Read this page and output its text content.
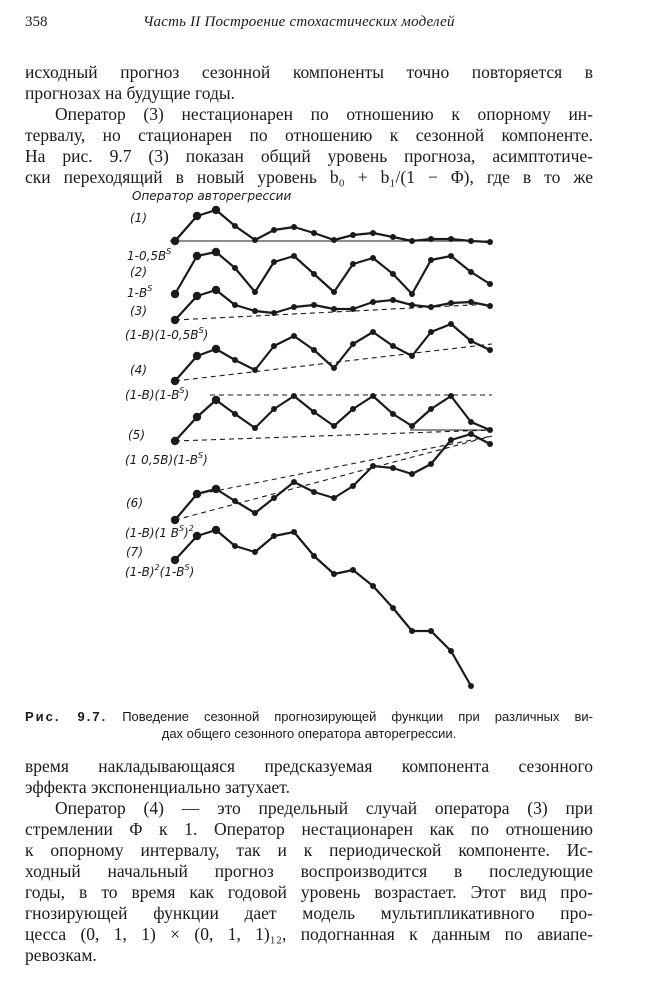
358	Часть II Построение стохастических моделей
исходный прогноз сезонной компоненты точно повторяется в
прогнозах на будущие годы.
Оператор (3) нестационарен по отношению к опорному ин-
тервалу, но стационарен по отношению к сезонной компоненте.
На рис. 9.7 (3) показан общий уровень прогноза, асимптотиче-
ски переходящий в новый уровень b₀ + b₁/(1 − Φ), где в то же
Оператор авторегрессии
(1)
$1-0,5B^S$
(2)
$1-B^S$
(3)
$(1-B)(1-0,5B^S)$
(4)
$(1-B)(1-B^S)$
(5)
(1 $0,5B)(1-B^S)$
(6)
(1-B)(1 $B^S)^2$
(7)
$(1-B)^2(1-B^S)$
Рис. 9.7. Поведение сезонной прогнозирующей функции при различных ви-
дах общего сезонного оператора авторегрессии.
время накладывающаяся предсказуемая компонента сезонного
эффекта экспоненциально затухает.
Оператор (4) — это предельный случай оператора (3) при
стремлении Φ к 1. Оператор нестационарен как по отношению
к опорному интервалу, так и к периодической компоненте. Ис-
ходный начальный прогноз воспроизводится в последующие
годы, в то время как годовой уровень возрастает. Этот вид про-
гнозирующей функции дает модель мультипликативного про-
цесса (0, 1, 1) × (0, 1, 1)₁₂, подогнанная к данным по авиапе-
ревозкам.
